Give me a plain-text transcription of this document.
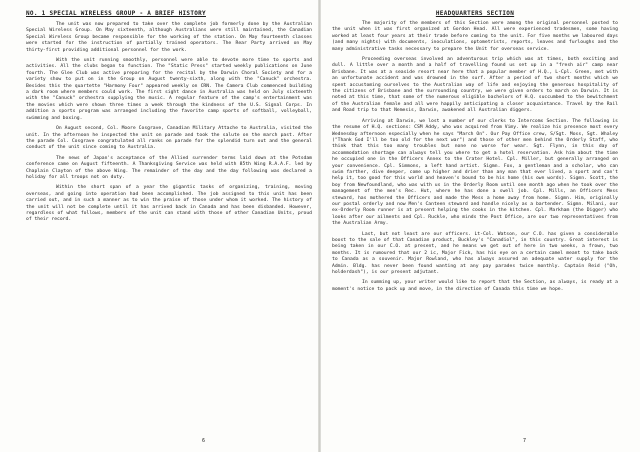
NO. 1 SPECIAL WIRELESS GROUP - A BRIEF HISTORY

The unit was now prepared to take over the complete job formerly done by the Australian Special Wireless Group. On May sixteenth, although Australians were still maintained, the Canadian Special Wireless Group became responsible for the working of the station. On May fourteenth classes were started for the instruction of partially trained operators. The Rear Party arrived on May thirty-first providing additional personnel for the work.

With the unit running smoothly, personnel were able to devote more time to sports and activities. All the clubs began to function. The "Static Press" started weekly publications on June fourth. The Glee Club was active preparing for the recital by the Darwin Choral Society and for a variety show to put on in the Group on August twenty-sixth, along with the "Canuck" orchestra. Besides this the quartette "Harmony Four" appeared weekly on CRN. The Camera Club commenced building a dark room where members could work. The first sight dance in Australia was held on July sixteenth with the "Canuck" orchestra supplying the music. A regular feature of the camp's entertainment was the movies which were shown three times a week through the kindness of the U.S. Signal Corps. In addition a sports program was arranged including the favorite camp sports of softball, volleyball, swimming and boxing.

On August second, Col. Moore Cosgrave, Canadian Military Attache to Australia, visited the unit. In the afternoon he inspected the unit on parade and took the salute on the march past. After the parade Col. Cosgrave congratulated all ranks on parade for the splendid turn out and the general conduct of the unit since coming to Australia.

The news of Japan's acceptance of the Allied surrender terms laid down at the Potsdam conference came on August fifteenth. A Thanksgiving Service was held with 85th Wing R.A.A.F. led by Chaplain Clayton of the above Wing. The remainder of the day and the day following was declared a holiday for all troops not on duty.

Within the short span of a year the gigantic tasks of organizing, training, moving overseas, and going into operation had been accomplished. The job assigned to this unit has been carried out, and in such a manner as to win the praise of those under whom it worked. The history of the unit will not be complete until it has arrived back in Canada and has been disbanded. However, regardless of what follows, members of the unit can stand with those of other Canadian Units, proud of their record.

6
HEADQUARTERS SECTION

The majority of the members of this Section were among the original personnel posted to the unit when it was first organized at Gordon Head. All were experienced tradesmen, some having worked at least four years at their trade before coming to the unit. For five months we laboured days (and many nights) with documents, inoculations, optometrists, reports, leaves and furloughs and the many administrative tasks necessary to prepare the Unit for overseas service.

Proceeding overseas involved an adventurous trip which was at times, both exciting and dull. A little over a month and a half of travelling found us set up in a "fresh air" camp near Brisbane. It was at a seaside resort near here that a popular member of H.Q., L-Cpl. Green, met with an unfortunate accident and was drowned in the surf. After a period of two short months which we spent accustoming ourselves to the Australian way of life and enjoying the generous hospitality of the citizens of Brisbane and the surrounding country, we were given orders to march on Darwin. It is noted at this time, that some of the numerous eligible bachelors of H.Q. succumbed to the bewitchment of the Australian female and all were happily anticipating a closer acquaintance. Travel by the Rail and Road trip to that Nemesis, Darwin, awakened all Australian diggers.

Arriving at Darwin, we lost a number of our clerks to Intercoms Section. The following is the resume of H.Q. sections: CSM Addy, who was acquired from Vimy. We realize his presence most every Wednesday afternoon especially when he says "March On". Our Pay Office crew, S/Sgt. Moss, Sgt. Whaley ("Thank God I'll be too old for the next war") and those of other men behind the Orderly Staff, who think that this too many troubles but none no worse for wear. Sgt. Flynn, in this day of accommodation shortage can always tell you where to get a hotel reservation. Ask him about the time he occupied one in the Officers Annex to the Crater Hotel. Cpl. Miller, but generally arranged on your convenience. Cpl. Simmons, a left hand artist. Sigmn. Fox, a gentleman and a scholar, who can swim farther, dive deeper, come up higher and drier than any man that ever lived, a sport and can't help it, too good for this world and heaven's bound to be his home (his own words). Sigmn. Scott, the boy from Newfoundland, who was with us in the Orderly Room until one month ago when he took over the management of the men's Rec. Hut, where he has done a swell job. Cpl. Mills, an Officers Mess steward, has mothered the Officers and made the Mess a home away from home. Sigmn. Him, originally our postal orderly and now Men's Canteen steward and handle nicely as a bartender. Sigmn. Milani, our ex-Orderly Room runner is at present helping the cooks in the kitchen. Cpl. Markham (the Digger) who looks after our ailments and Cpl. Ruckle, who minds the Post Office, are our two representatives from the Australian Army.

Last, but not least are our officers. Lt-Col. Watson, our C.O. has given a considerable boost to the sale of that Canadian product, Buckley's "Canadiol", in this country. Great interest is being taken in our C.O. at present, and he means we get out of here in two weeks, a frown, two months. It is rumoured that our 2 ic, Major Fick, has his eye on a certain camel meant to take back to Canada as a souvenir. Major Rowland, who has always assured an adequate water supply for the Admin. Bldg. has never been found wanting at any pay parades twice monthly. Captain Reid ("Oh, holderdash"), is our present adjutant.

In summing up, your writer would like to report that the Section, as always, is ready at a moment's notice to pack up and move, in the direction of Canada this time we hope.

7
